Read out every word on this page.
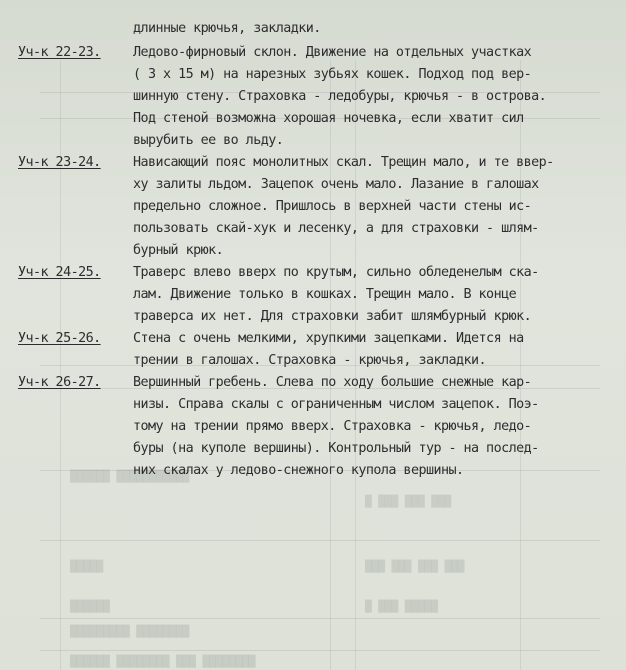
██████ ███████████
█████
██████
█████████ ████████
██████ ████████ ███ ████████
█ ███ ███ ███
███ ███ ███ ███
█ ███ █████
длинные крючья, закладки.
Уч-к 22-23. Ледово-фирновый склон. Движение на отдельных участках
( 3 х 15 м) на нарезных зубьях кошек. Подход под вер-
шинную стену. Страховка - ледобуры, крючья - в острова.
Под стеной возможна хорошая ночевка, если хватит сил
вырубить ее во льду.
Уч-к 23-24. Нависающий пояс монолитных скал. Трещин мало, и те ввер-
ху залиты льдом. Зацепок очень мало. Лазание в галошах
предельно сложное. Пришлось в верхней части стены ис-
пользовать скай-хук и лесенку, а для страховки - шлям-
бурный крюк.
Уч-к 24-25. Траверс влево вверх по крутым, сильно обледенелым ска-
лам. Движение только в кошках. Трещин мало. В конце
траверса их нет. Для страховки забит шлямбурный крюк.
Уч-к 25-26. Стена с очень мелкими, хрупкими зацепками. Идется на
трении в галошах. Страховка - крючья, закладки.
Уч-к 26-27. Вершинный гребень. Слева по ходу большие снежные кар-
низы. Справа скалы с ограниченным числом зацепок. Поэ-
тому на трении прямо вверх. Страховка - крючья, ледо-
буры (на куполе вершины). Контрольный тур - на послед-
них скалах у ледово-снежного купола вершины.
